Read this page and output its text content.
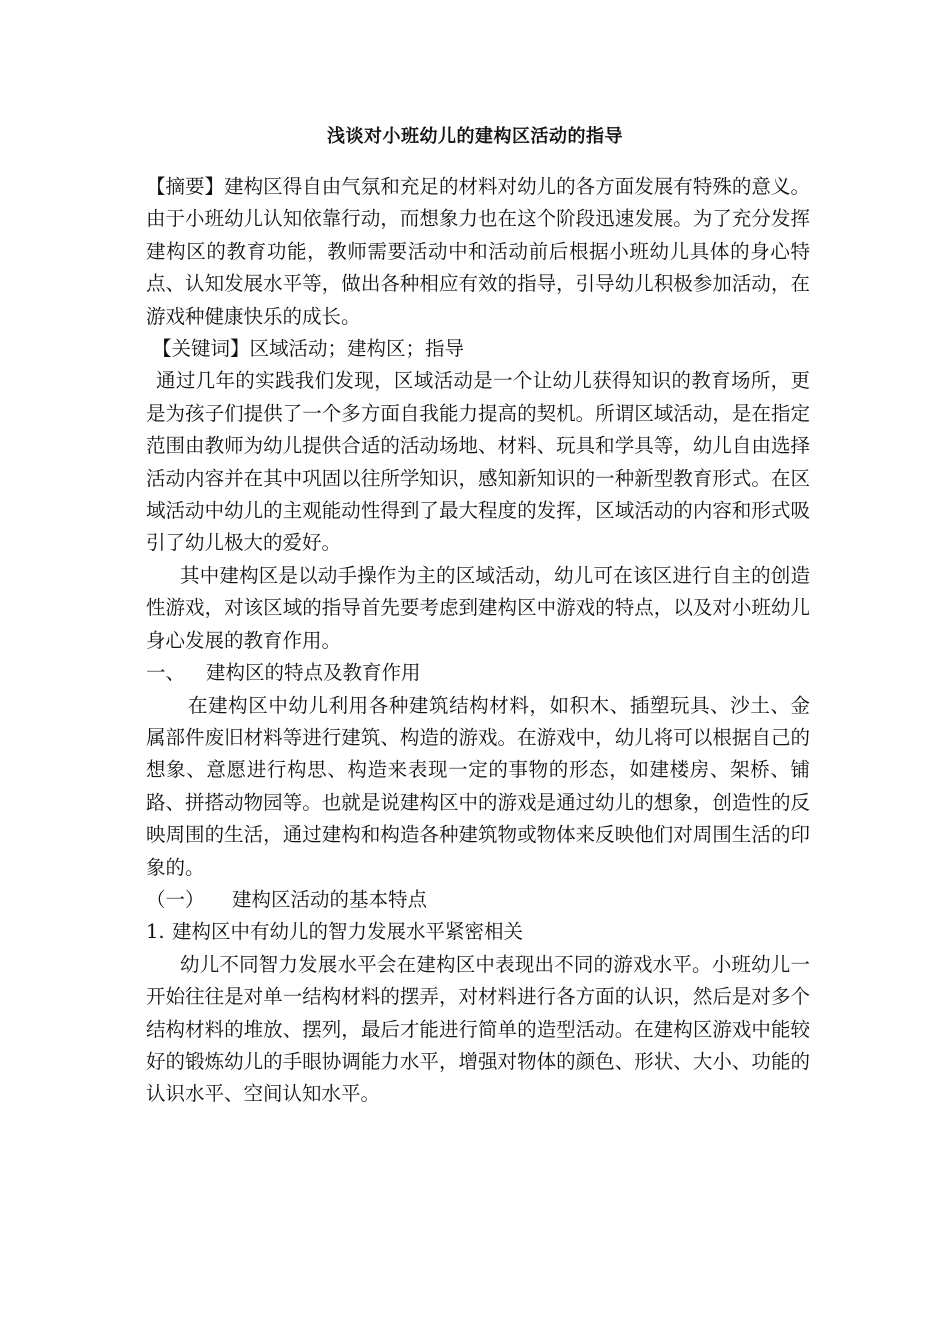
浅谈对小班幼儿的建构区活动的指导

【摘要】建构区得自由气氛和充足的材料对幼儿的各方面发展有特殊的意义。由于小班幼儿认知依靠行动，而想象力也在这个阶段迅速发展。为了充分发挥建构区的教育功能，教师需要活动中和活动前后根据小班幼儿具体的身心特点、认知发展水平等，做出各种相应有效的指导，引导幼儿积极参加活动，在游戏种健康快乐的成长。

【关键词】区域活动；建构区；指导

通过几年的实践我们发现，区域活动是一个让幼儿获得知识的教育场所，更是为孩子们提供了一个多方面自我能力提高的契机。所谓区域活动，是在指定范围由教师为幼儿提供合适的活动场地、材料、玩具和学具等，幼儿自由选择活动内容并在其中巩固以往所学知识，感知新知识的一种新型教育形式。在区域活动中幼儿的主观能动性得到了最大程度的发挥，区域活动的内容和形式吸引了幼儿极大的爱好。

其中建构区是以动手操作为主的区域活动，幼儿可在该区进行自主的创造性游戏，对该区域的指导首先要考虑到建构区中游戏的特点，以及对小班幼儿身心发展的教育作用。

一、 建构区的特点及教育作用

在建构区中幼儿利用各种建筑结构材料，如积木、插塑玩具、沙土、金属部件废旧材料等进行建筑、构造的游戏。在游戏中，幼儿将可以根据自己的想象、意愿进行构思、构造来表现一定的事物的形态，如建楼房、架桥、铺路、拼搭动物园等。也就是说建构区中的游戏是通过幼儿的想象，创造性的反映周围的生活，通过建构和构造各种建筑物或物体来反映他们对周围生活的印象的。

（一） 建构区活动的基本特点

1. 建构区中有幼儿的智力发展水平紧密相关

幼儿不同智力发展水平会在建构区中表现出不同的游戏水平。小班幼儿一开始往往是对单一结构材料的摆弄，对材料进行各方面的认识，然后是对多个结构材料的堆放、摆列，最后才能进行简单的造型活动。在建构区游戏中能较好的锻炼幼儿的手眼协调能力水平，增强对物体的颜色、形状、大小、功能的认识水平、空间认知水平。
